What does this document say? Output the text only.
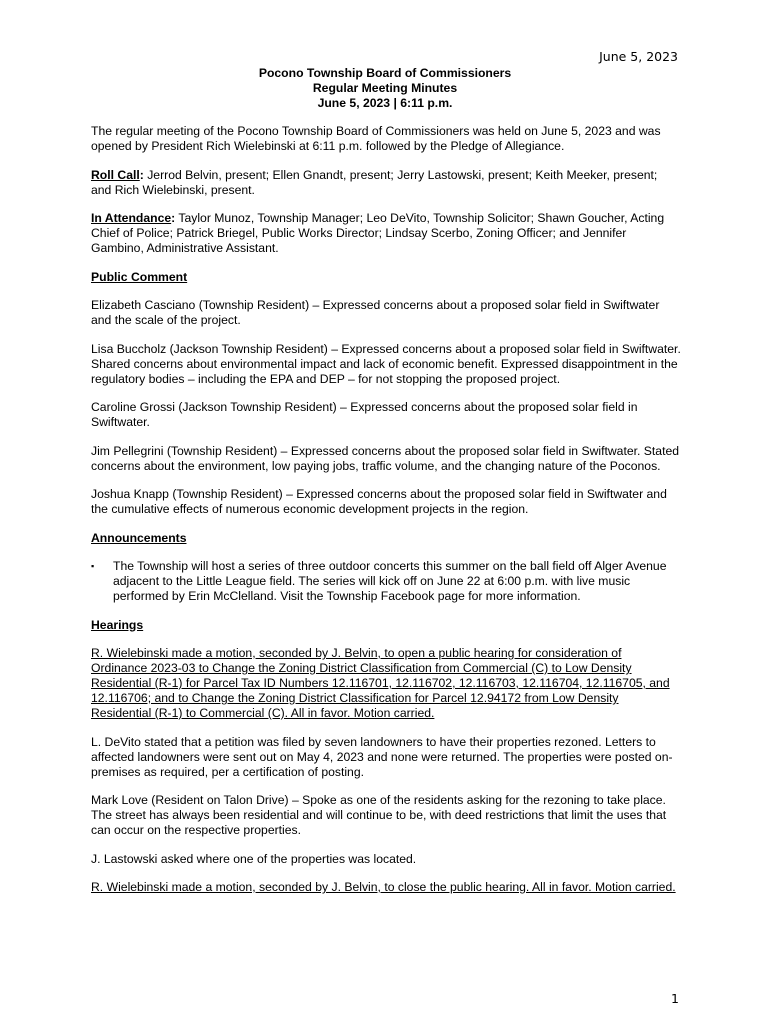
June 5, 2023
Pocono Township Board of Commissioners
Regular Meeting Minutes
June 5, 2023 | 6:11 p.m.

The regular meeting of the Pocono Township Board of Commissioners was held on June 5, 2023 and was opened by President Rich Wielebinski at 6:11 p.m. followed by the Pledge of Allegiance.

Roll Call: Jerrod Belvin, present; Ellen Gnandt, present; Jerry Lastowski, present; Keith Meeker, present; and Rich Wielebinski, present.

In Attendance: Taylor Munoz, Township Manager; Leo DeVito, Township Solicitor; Shawn Goucher, Acting Chief of Police; Patrick Briegel, Public Works Director; Lindsay Scerbo, Zoning Officer; and Jennifer Gambino, Administrative Assistant.

Public Comment

Elizabeth Casciano (Township Resident) – Expressed concerns about a proposed solar field in Swiftwater and the scale of the project.

Lisa Buccholz (Jackson Township Resident) – Expressed concerns about a proposed solar field in Swiftwater. Shared concerns about environmental impact and lack of economic benefit. Expressed disappointment in the regulatory bodies – including the EPA and DEP – for not stopping the proposed project.

Caroline Grossi (Jackson Township Resident) – Expressed concerns about the proposed solar field in Swiftwater.

Jim Pellegrini (Township Resident) – Expressed concerns about the proposed solar field in Swiftwater. Stated concerns about the environment, low paying jobs, traffic volume, and the changing nature of the Poconos.

Joshua Knapp (Township Resident) – Expressed concerns about the proposed solar field in Swiftwater and the cumulative effects of numerous economic development projects in the region.

Announcements
▪ The Township will host a series of three outdoor concerts this summer on the ball field off Alger Avenue adjacent to the Little League field. The series will kick off on June 22 at 6:00 p.m. with live music performed by Erin McClelland. Visit the Township Facebook page for more information.
Hearings

R. Wielebinski made a motion, seconded by J. Belvin, to open a public hearing for consideration of Ordinance 2023-03 to Change the Zoning District Classification from Commercial (C) to Low Density Residential (R-1) for Parcel Tax ID Numbers 12.116701, 12.116702, 12.116703, 12.116704, 12.116705, and 12.116706; and to Change the Zoning District Classification for Parcel 12.94172 from Low Density Residential (R-1) to Commercial (C). All in favor. Motion carried.

L. DeVito stated that a petition was filed by seven landowners to have their properties rezoned. Letters to affected landowners were sent out on May 4, 2023 and none were returned. The properties were posted on-premises as required, per a certification of posting.

Mark Love (Resident on Talon Drive) – Spoke as one of the residents asking for the rezoning to take place. The street has always been residential and will continue to be, with deed restrictions that limit the uses that can occur on the respective properties.

J. Lastowski asked where one of the properties was located.

R. Wielebinski made a motion, seconded by J. Belvin, to close the public hearing. All in favor. Motion carried.

1
